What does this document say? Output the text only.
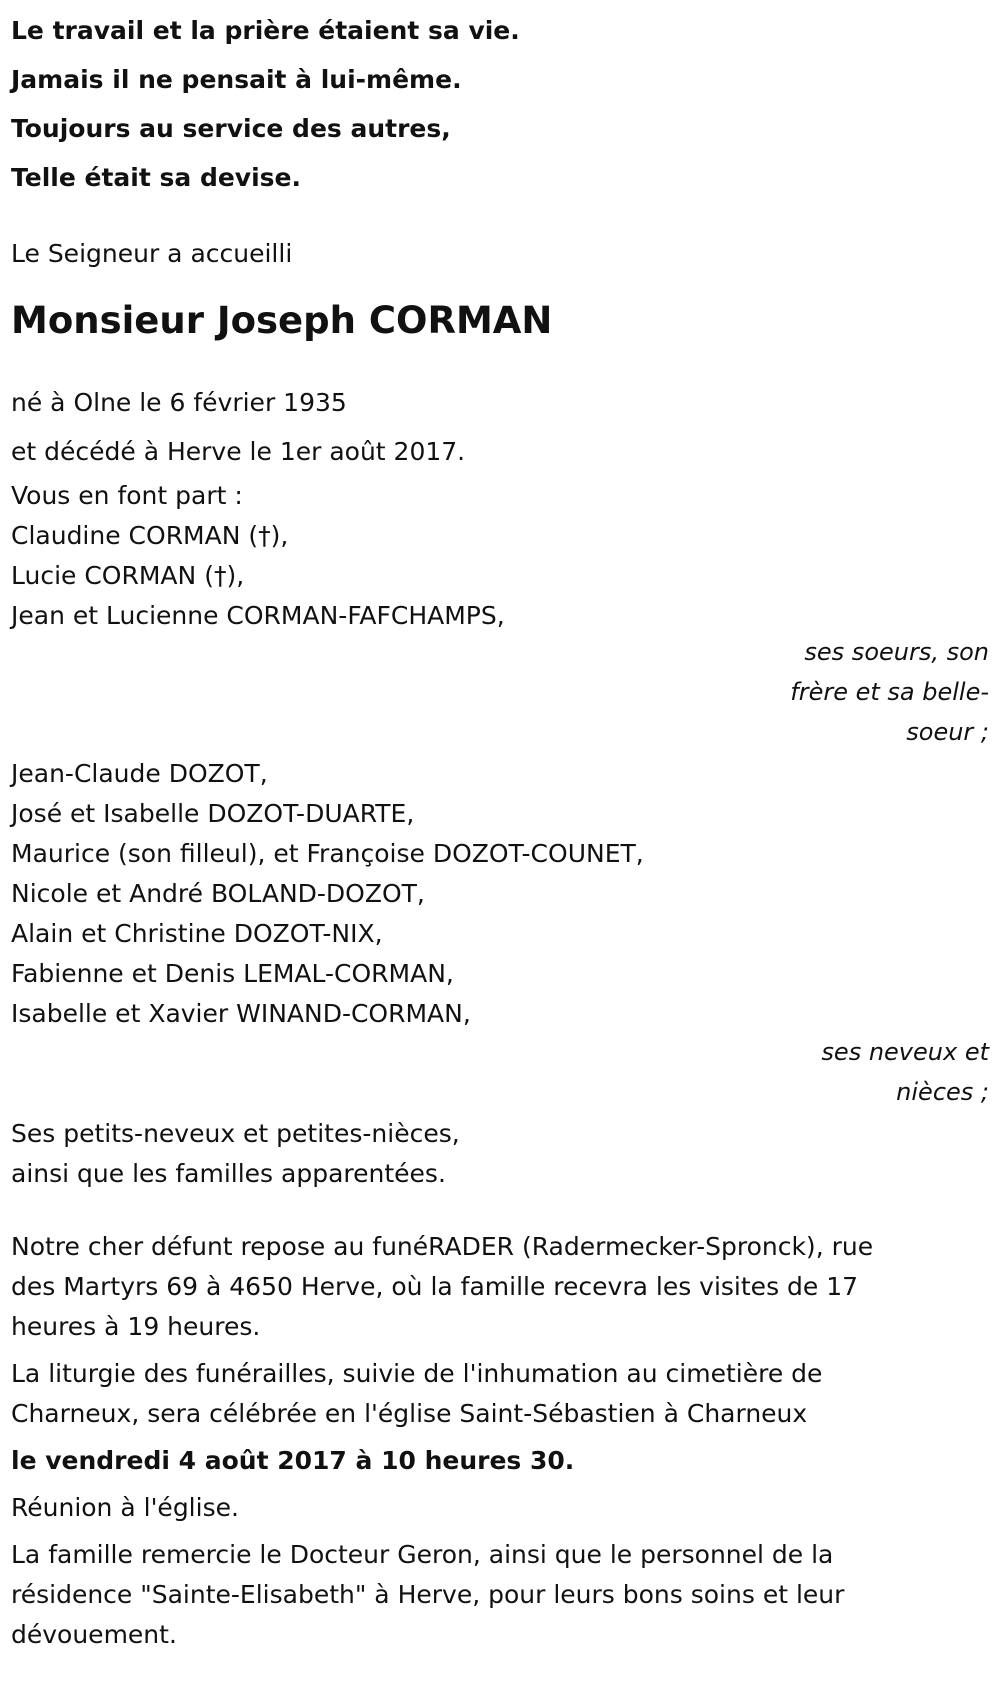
Le travail et la prière étaient sa vie.

Jamais il ne pensait à lui-même.

Toujours au service des autres,

Telle était sa devise.

Le Seigneur a accueilli

Monsieur Joseph CORMAN

né à Olne le 6 février 1935

et décédé à Herve le 1er août 2017.

Vous en font part :

Claudine CORMAN (†),

Lucie CORMAN (†),

Jean et Lucienne CORMAN-FAFCHAMPS,

ses soeurs, son frère et sa belle-soeur ;

Jean-Claude DOZOT,

José et Isabelle DOZOT-DUARTE,

Maurice (son filleul), et Françoise DOZOT-COUNET,

Nicole et André BOLAND-DOZOT,

Alain et Christine DOZOT-NIX,

Fabienne et Denis LEMAL-CORMAN,

Isabelle et Xavier WINAND-CORMAN,

ses neveux et nièces ;

Ses petits-neveux et petites-nièces,

ainsi que les familles apparentées.

Notre cher défunt repose au funéRADER (Radermecker-Spronck), rue des Martyrs 69 à 4650 Herve, où la famille recevra les visites de 17 heures à 19 heures.

La liturgie des funérailles, suivie de l'inhumation au cimetière de Charneux, sera célébrée en l'église Saint-Sébastien à Charneux

le vendredi 4 août 2017 à 10 heures 30.

Réunion à l'église.

La famille remercie le Docteur Geron, ainsi que le personnel de la résidence "Sainte-Elisabeth" à Herve, pour leurs bons soins et leur dévouement.
